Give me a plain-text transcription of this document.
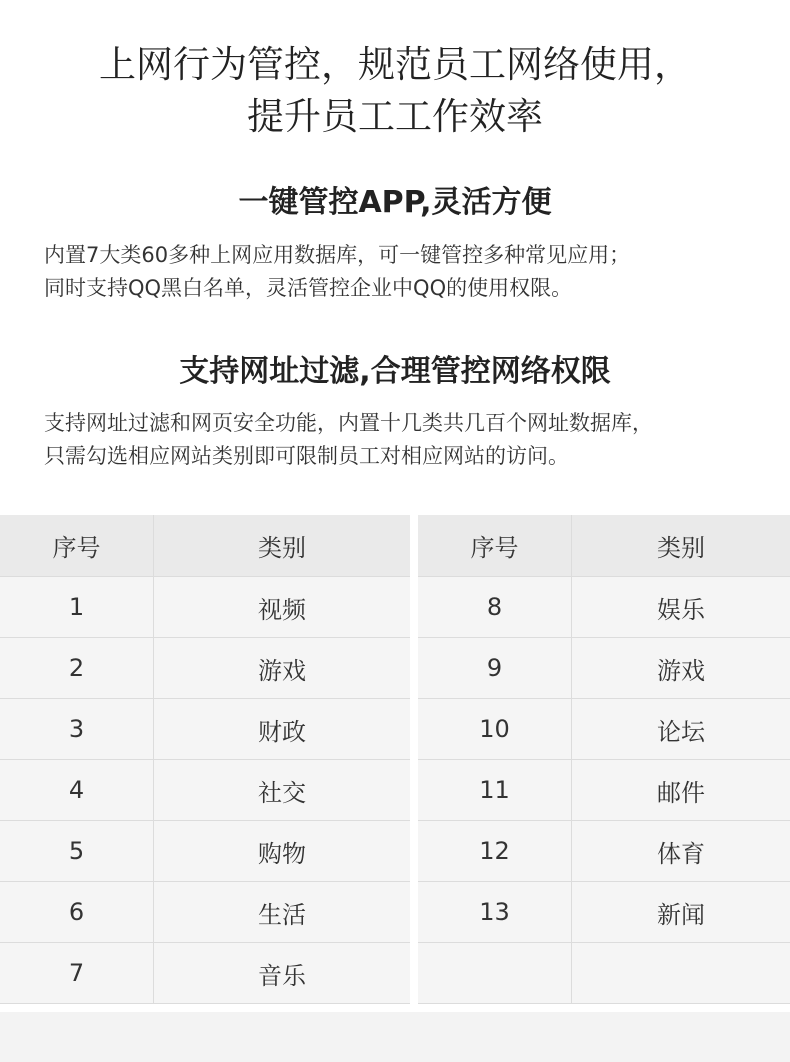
上网行为管控，规范员工网络使用，
提升员工工作效率
一键管控APP,灵活方便
内置7大类60多种上网应用数据库，可一键管控多种常见应用；
同时支持QQ黑白名单，灵活管控企业中QQ的使用权限。
支持网址过滤,合理管控网络权限
支持网址过滤和网页安全功能，内置十几类共几百个网址数据库，
只需勾选相应网站类别即可限制员工对相应网站的访问。
序号	类别
1	视频
2	游戏
3	财政
4	社交
5	购物
6	生活
7	音乐
序号	类别
8	娱乐
9	游戏
10	论坛
11	邮件
12	体育
13	新闻
